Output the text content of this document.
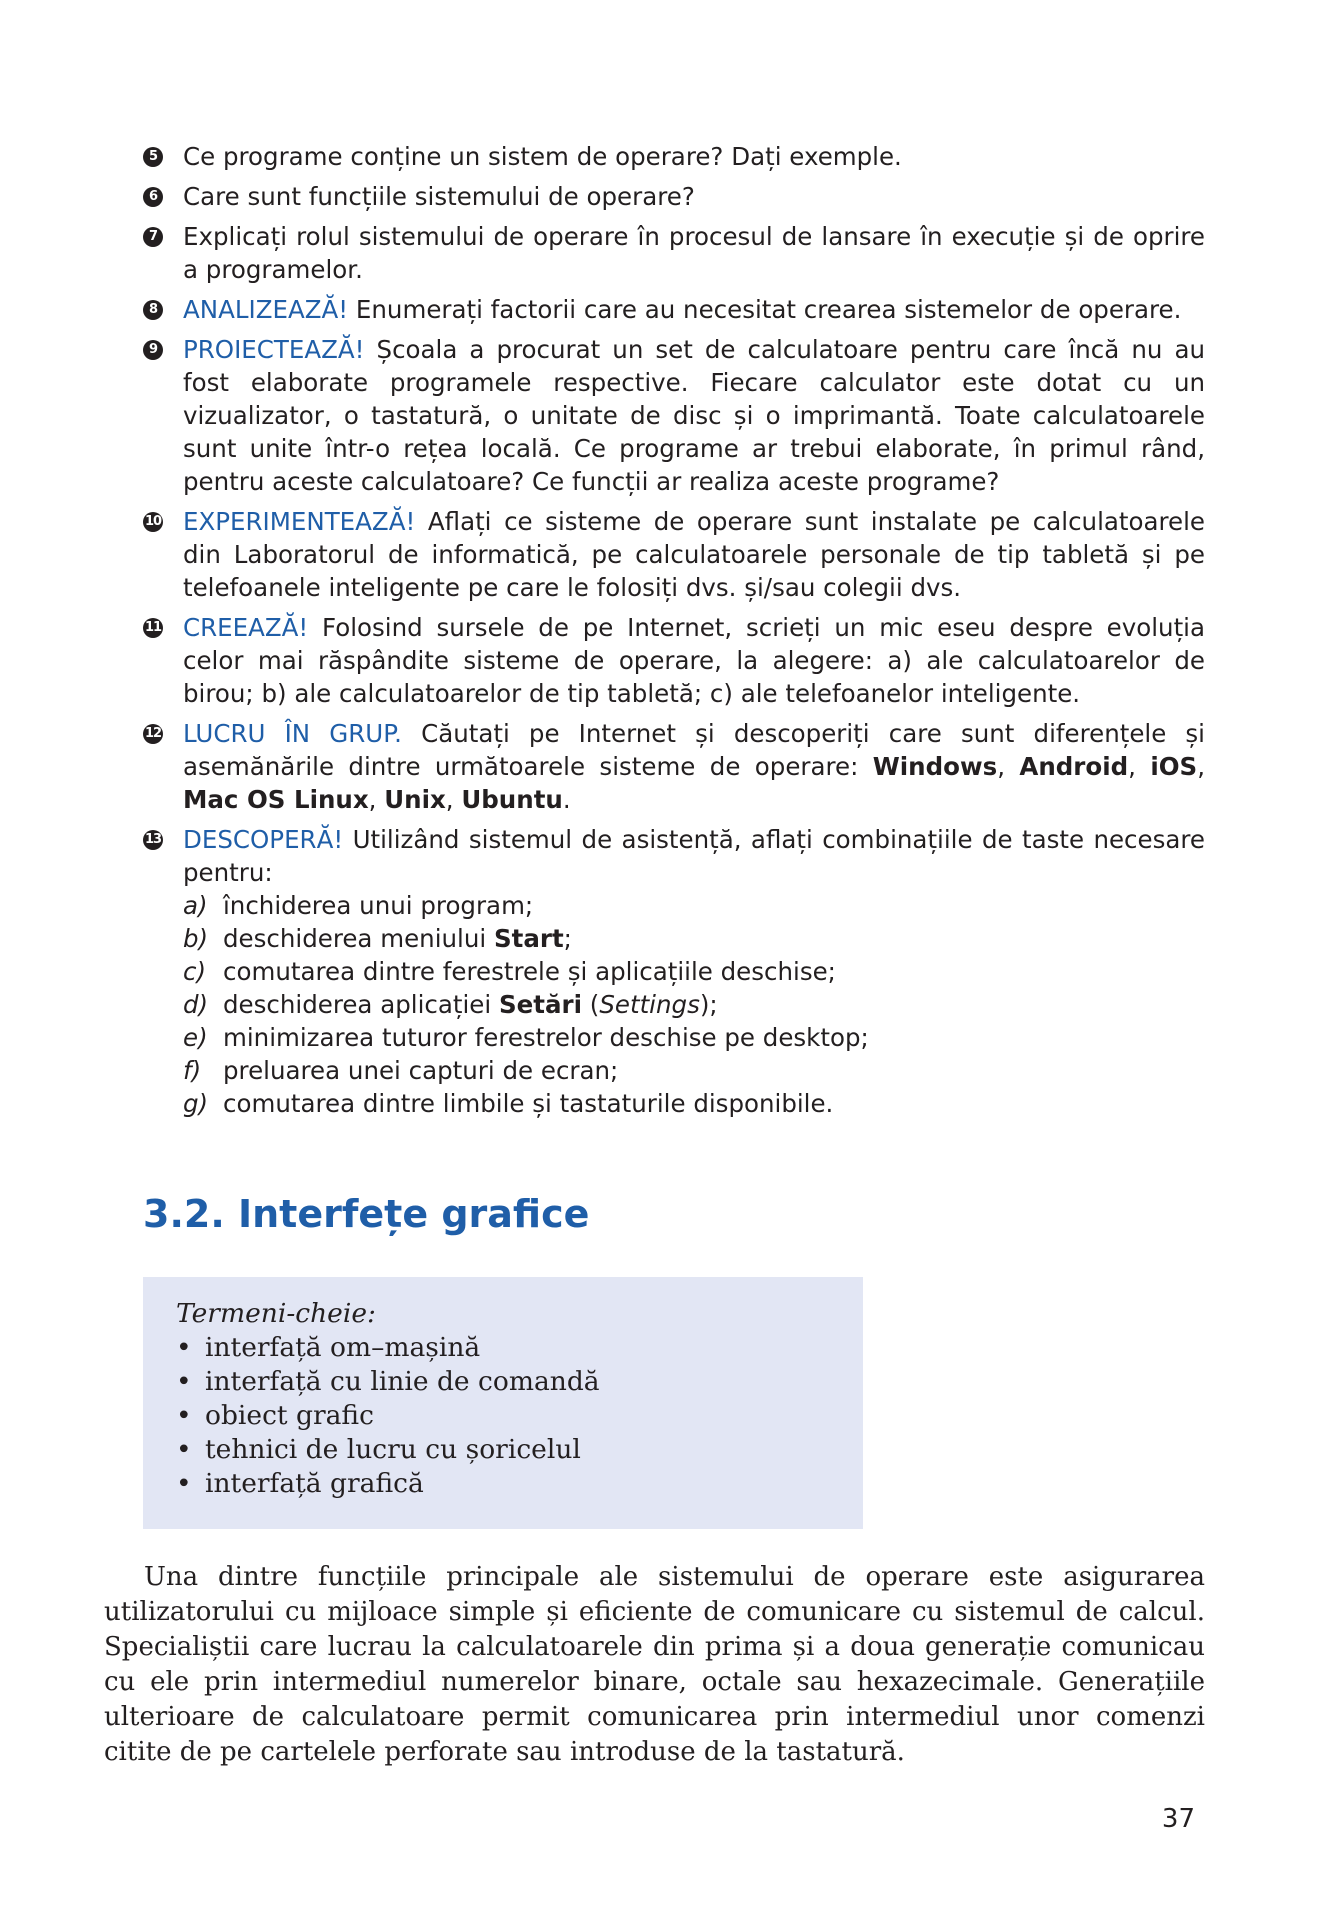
5 Ce programe conține un sistem de operare? Dați exemple.
6 Care sunt funcțiile sistemului de operare?
7 Explicați rolul sistemului de operare în procesul de lansare în execuție și de oprire a programelor.
8 ANALIZEAZĂ! Enumerați factorii care au necesitat crearea sistemelor de operare.
9 PROIECTEAZĂ! Școala a procurat un set de calculatoare pentru care încă nu au fost elaborate programele respective. Fiecare calculator este dotat cu un vizualizator, o tastatură, o unitate de disc și o imprimantă. Toate calculatoarele sunt unite într-o rețea locală. Ce programe ar trebui elaborate, în primul rând, pentru aceste calculatoare? Ce funcții ar realiza aceste programe?
10 EXPERIMENTEAZĂ! Aflați ce sisteme de operare sunt instalate pe calculatoarele din Laboratorul de informatică, pe calculatoarele personale de tip tabletă și pe telefoanele inteligente pe care le folosiți dvs. și/sau colegii dvs.
11 CREEAZĂ! Folosind sursele de pe Internet, scrieți un mic eseu despre evoluția celor mai răspândite sisteme de operare, la alegere: a) ale calculatoarelor de birou; b) ale calculatoarelor de tip tabletă; c) ale telefoanelor inteligente.
12 LUCRU ÎN GRUP. Căutați pe Internet și descoperiți care sunt diferențele și asemănările dintre următoarele sisteme de operare: Windows, Android, iOS, Mac OS Linux, Unix, Ubuntu.
13 DESCOPERĂ! Utilizând sistemul de asistență, aflați combinațiile de taste necesare pentru:
a) închiderea unui program;
b) deschiderea meniului Start;
c) comutarea dintre ferestrele și aplicațiile deschise;
d) deschiderea aplicației Setări (Settings);
e) minimizarea tuturor ferestrelor deschise pe desktop;
f) preluarea unei capturi de ecran;
g) comutarea dintre limbile și tastaturile disponibile.
3.2. Interfețe grafice
Termeni-cheie:
• interfață om–mașină
• interfață cu linie de comandă
• obiect grafic
• tehnici de lucru cu șoricelul
• interfață grafică

Una dintre funcțiile principale ale sistemului de operare este asigurarea utilizatorului cu mijloace simple și eficiente de comunicare cu sistemul de calcul. Specialiștii care lucrau la calculatoarele din prima și a doua generație comunicau cu ele prin intermediul numerelor binare, octale sau hexazecimale. Generațiile ulterioare de calculatoare permit comunicarea prin intermediul unor comenzi citite de pe cartelele perforate sau introduse de la tastatură.

37
